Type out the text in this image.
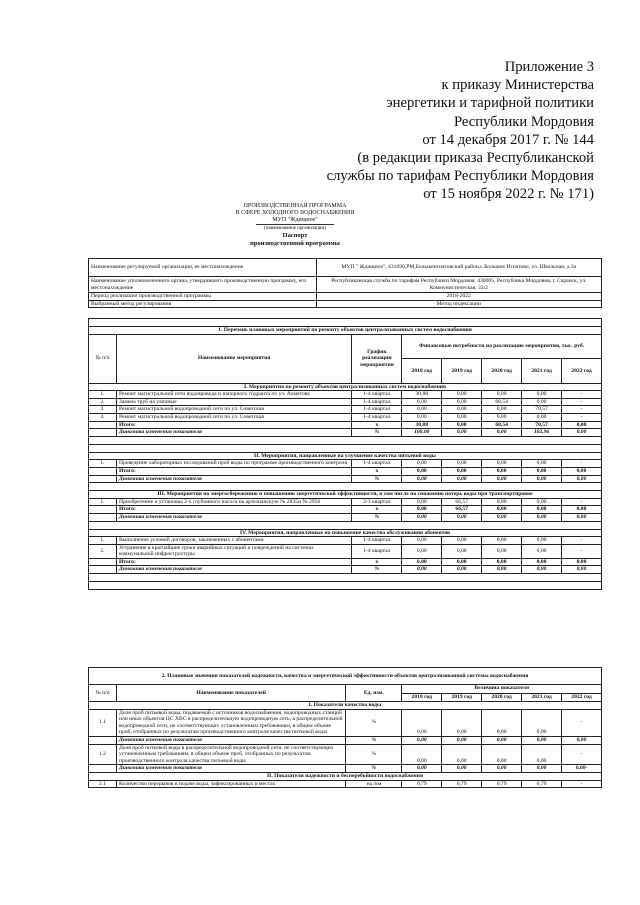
Приложение 3
к приказу Министерства
энергетики и тарифной политики
Республики Мордовия
от 14 декабря 2017 г. № 144
(в редакции приказа Республиканской
службы по тарифам Республики Мордовия
от 15 ноября 2022 г. № 171)
ПРОИЗВОДСТВЕННАЯ ПРОГРАММА
В СФЕРЕ ХОЛОДНОГО ВОДОСНАБЖЕНИЯ
МУП "Ждищное"
(наименование организации)
Паспорт
производственной программы
Наименование регулируемой организации, ее местонахождение	МУП " Ждищное", 431690,РМ,Большеигнатовский район,с.Большое Игнатово, ул. Школьная, д.3а
Наименование уполномоченного органа, утвердившего производственную программу, его местонахождение	Республиканская служба по тарифам Республики Мордовия, 430005, Республика Мордовия, г. Саранск, ул. Коммунистическая, 33/2
Период реализации производственной программы	2018-2022
Выбранный метод регулирования	Метод индексации

1. Перечень плановых мероприятий по ремонту объектов централизованных систем водоснабжения							
№ п/п	Наименование мероприятия	График реализации мероприятия	Финансовые потребности на реализацию мероприятия, тыс. руб.				
			2018 год	2019 год	2020 год	2021 год	2022 год
I. Мероприятия по ремонту объектов централизованных систем водоснабжения							
1.	Ремонт магистральной сети водопровода и напорного гидранта по ул. Ахметова	1-4 квартал	30,88	0,00	0,00	0,00	-
2.	Замена труб на уличные	1-4 квартал	0,00	0,00	68,54	0,00	-
3.	Ремонт магистральной водопроводной сети по ул. Советская	1-4 квартал	0,00	0,00	0,00	70,57	-
4.	Ремонт магистральной водопроводной сети по ул. Советская	1-4 квартал	0,00	0,00	0,00	0,00	-
	Итого:	х	30,88	0,00	68,54	70,57	0,00
	Динамика изменения показателя	%	100,00	0,00	0,00	102,96	0,00

II. Мероприятия, направленные на улучшение качества питьевой воды							
1.	Проведение лабораторных исследований проб воды по программе производственного контроля	1-4 квартал	0,00	0,00	0,00	0,00	-
	Итого:	х	0,00	0,00	0,00	0,00	0,00
	Динамика изменения показателя	%	0,00	0,00	0,00	0,00	0,00

III. Мероприятия по энергосбережению и повышению энергетической эффективности, в том числе по снижению потерь воды при транспортировке							
1.	Приобретение и установка 2-х глубинного насоса на артезианскую № 2835и № 2956	2-3 квартал	0,00	66,57	0,00	0,00	-
	Итого:	х	0,00	66,57	0,00	0,00	0,00
	Динамика изменения показателя	%	0,00	0,00	0,00	0,00	0,00

IV. Мероприятия, направленные на повышение качества обслуживания абонентов							
1.	Выполнение условий договоров, заключенных с абонентами	1-4 квартал	0,00	0,00	0,00	0,00	-
2.	Устранение в кратчайшие сроки аварийных ситуаций и повреждений на системах коммунальной инфраструктуры	1-4 квартал	0,00	0,00	0,00	0,00	-
	Итого:	х	0,00	0,00	0,00	0,00	0,00
	Динамика изменения показателя	%	0,00	0,00	0,00	0,00	0,00

2. Плановые значения показателей надежности, качества и энергетической эффективности объектов централизованной системы водоснабжения							
№ п/п	Наименование показателей	Ед. изм.	Величина показателя				
			2018 год	2019 год	2020 год	2021 год	2022 год
I. Показатели качества воды							
1.1	Доля проб питьевой воды, подаваемой с источников водоснабжения, водопроводных станций или иных объектов ЦС ХВС в распределительную водопроводную сеть, в распределительной водопроводной сети, не соответствующих установленным требованиям, в общем объеме проб, отобранных по результатам производственного контроля качества питьевой воды	%	0,00	0,00	0,00	0,00	-
	Динамика изменения показателя	%	0,00	0,00	0,00	0,00	0,00
1.2	Доля проб питьевой воды в распределительной водопроводной сети, не соответствующих установленным требованиям, в общем объеме проб, отобранных по результатам производственного контроля качества питьевой воды	%	0,00	0,00	0,00	0,00	-
	Динамика изменения показателя	%	0,00	0,00	0,00	0,00	0,00-
II. Показатели надежности и бесперебойности водоснабжения							
2.1	Количество перерывов в подаче воды, зафиксированных в местах	ед./км	0,79	0,79	0,79	0,79	-
